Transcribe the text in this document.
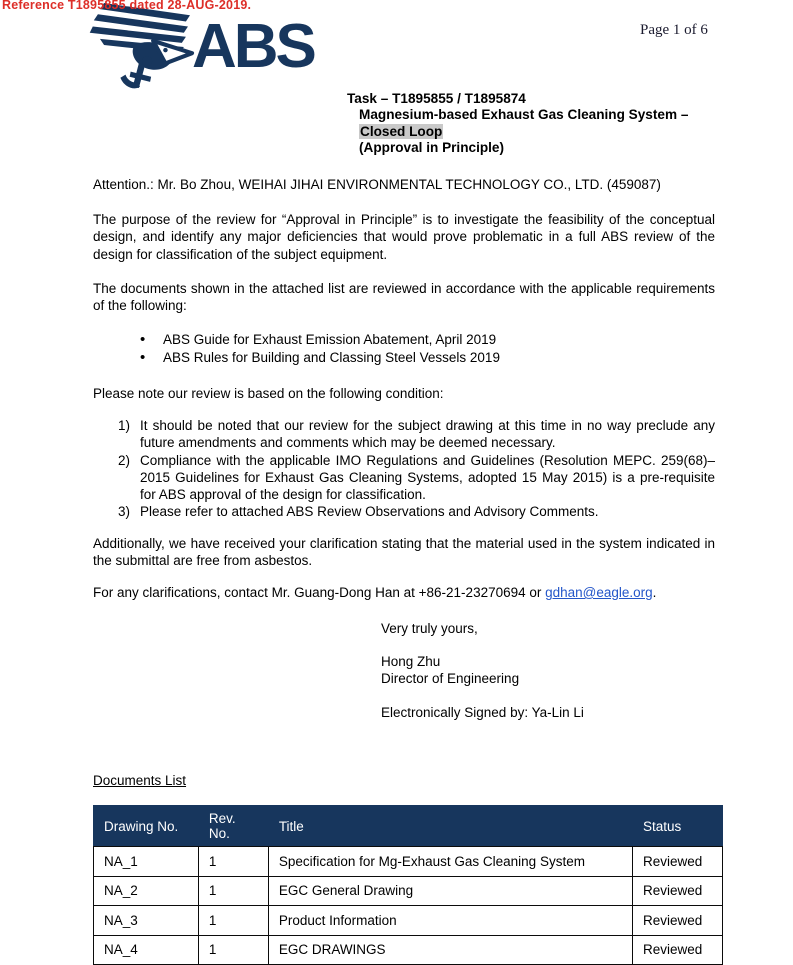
ABS
Reference T1895855 dated 28-AUG-2019.
Page 1 of 6
Task – T1895855 / T1895874
Magnesium-based Exhaust Gas Cleaning System –
Closed Loop
(Approval in Principle)
Attention.: Mr. Bo Zhou, WEIHAI JIHAI ENVIRONMENTAL TECHNOLOGY CO., LTD. (459087)
The purpose of the review for “Approval in Principle” is to investigate the feasibility of the conceptual design, and identify any major deficiencies that would prove problematic in a full ABS review of the design for classification of the subject equipment.
The documents shown in the attached list are reviewed in accordance with the applicable requirements of the following:
• ABS Guide for Exhaust Emission Abatement, April 2019
• ABS Rules for Building and Classing Steel Vessels 2019
Please note our review is based on the following condition:
1) It should be noted that our review for the subject drawing at this time in no way preclude any future amendments and comments which may be deemed necessary.
2) Compliance with the applicable IMO Regulations and Guidelines (Resolution MEPC. 259(68)– 2015 Guidelines for Exhaust Gas Cleaning Systems, adopted 15 May 2015) is a pre-requisite for ABS approval of the design for classification.
3) Please refer to attached ABS Review Observations and Advisory Comments.
Additionally, we have received your clarification stating that the material used in the system indicated in the submittal are free from asbestos.
For any clarifications, contact Mr. Guang-Dong Han at +86-21-23270694 or gdhan@eagle.org.
Very truly yours,
Hong Zhu
Director of Engineering
Electronically Signed by: Ya-Lin Li
Documents List
Drawing No.	Rev. No.	Title	Status
NA_1	1	Specification for Mg-Exhaust Gas Cleaning System	Reviewed
NA_2	1	EGC General Drawing	Reviewed
NA_3	1	Product Information	Reviewed
NA_4	1	EGC DRAWINGS	Reviewed
